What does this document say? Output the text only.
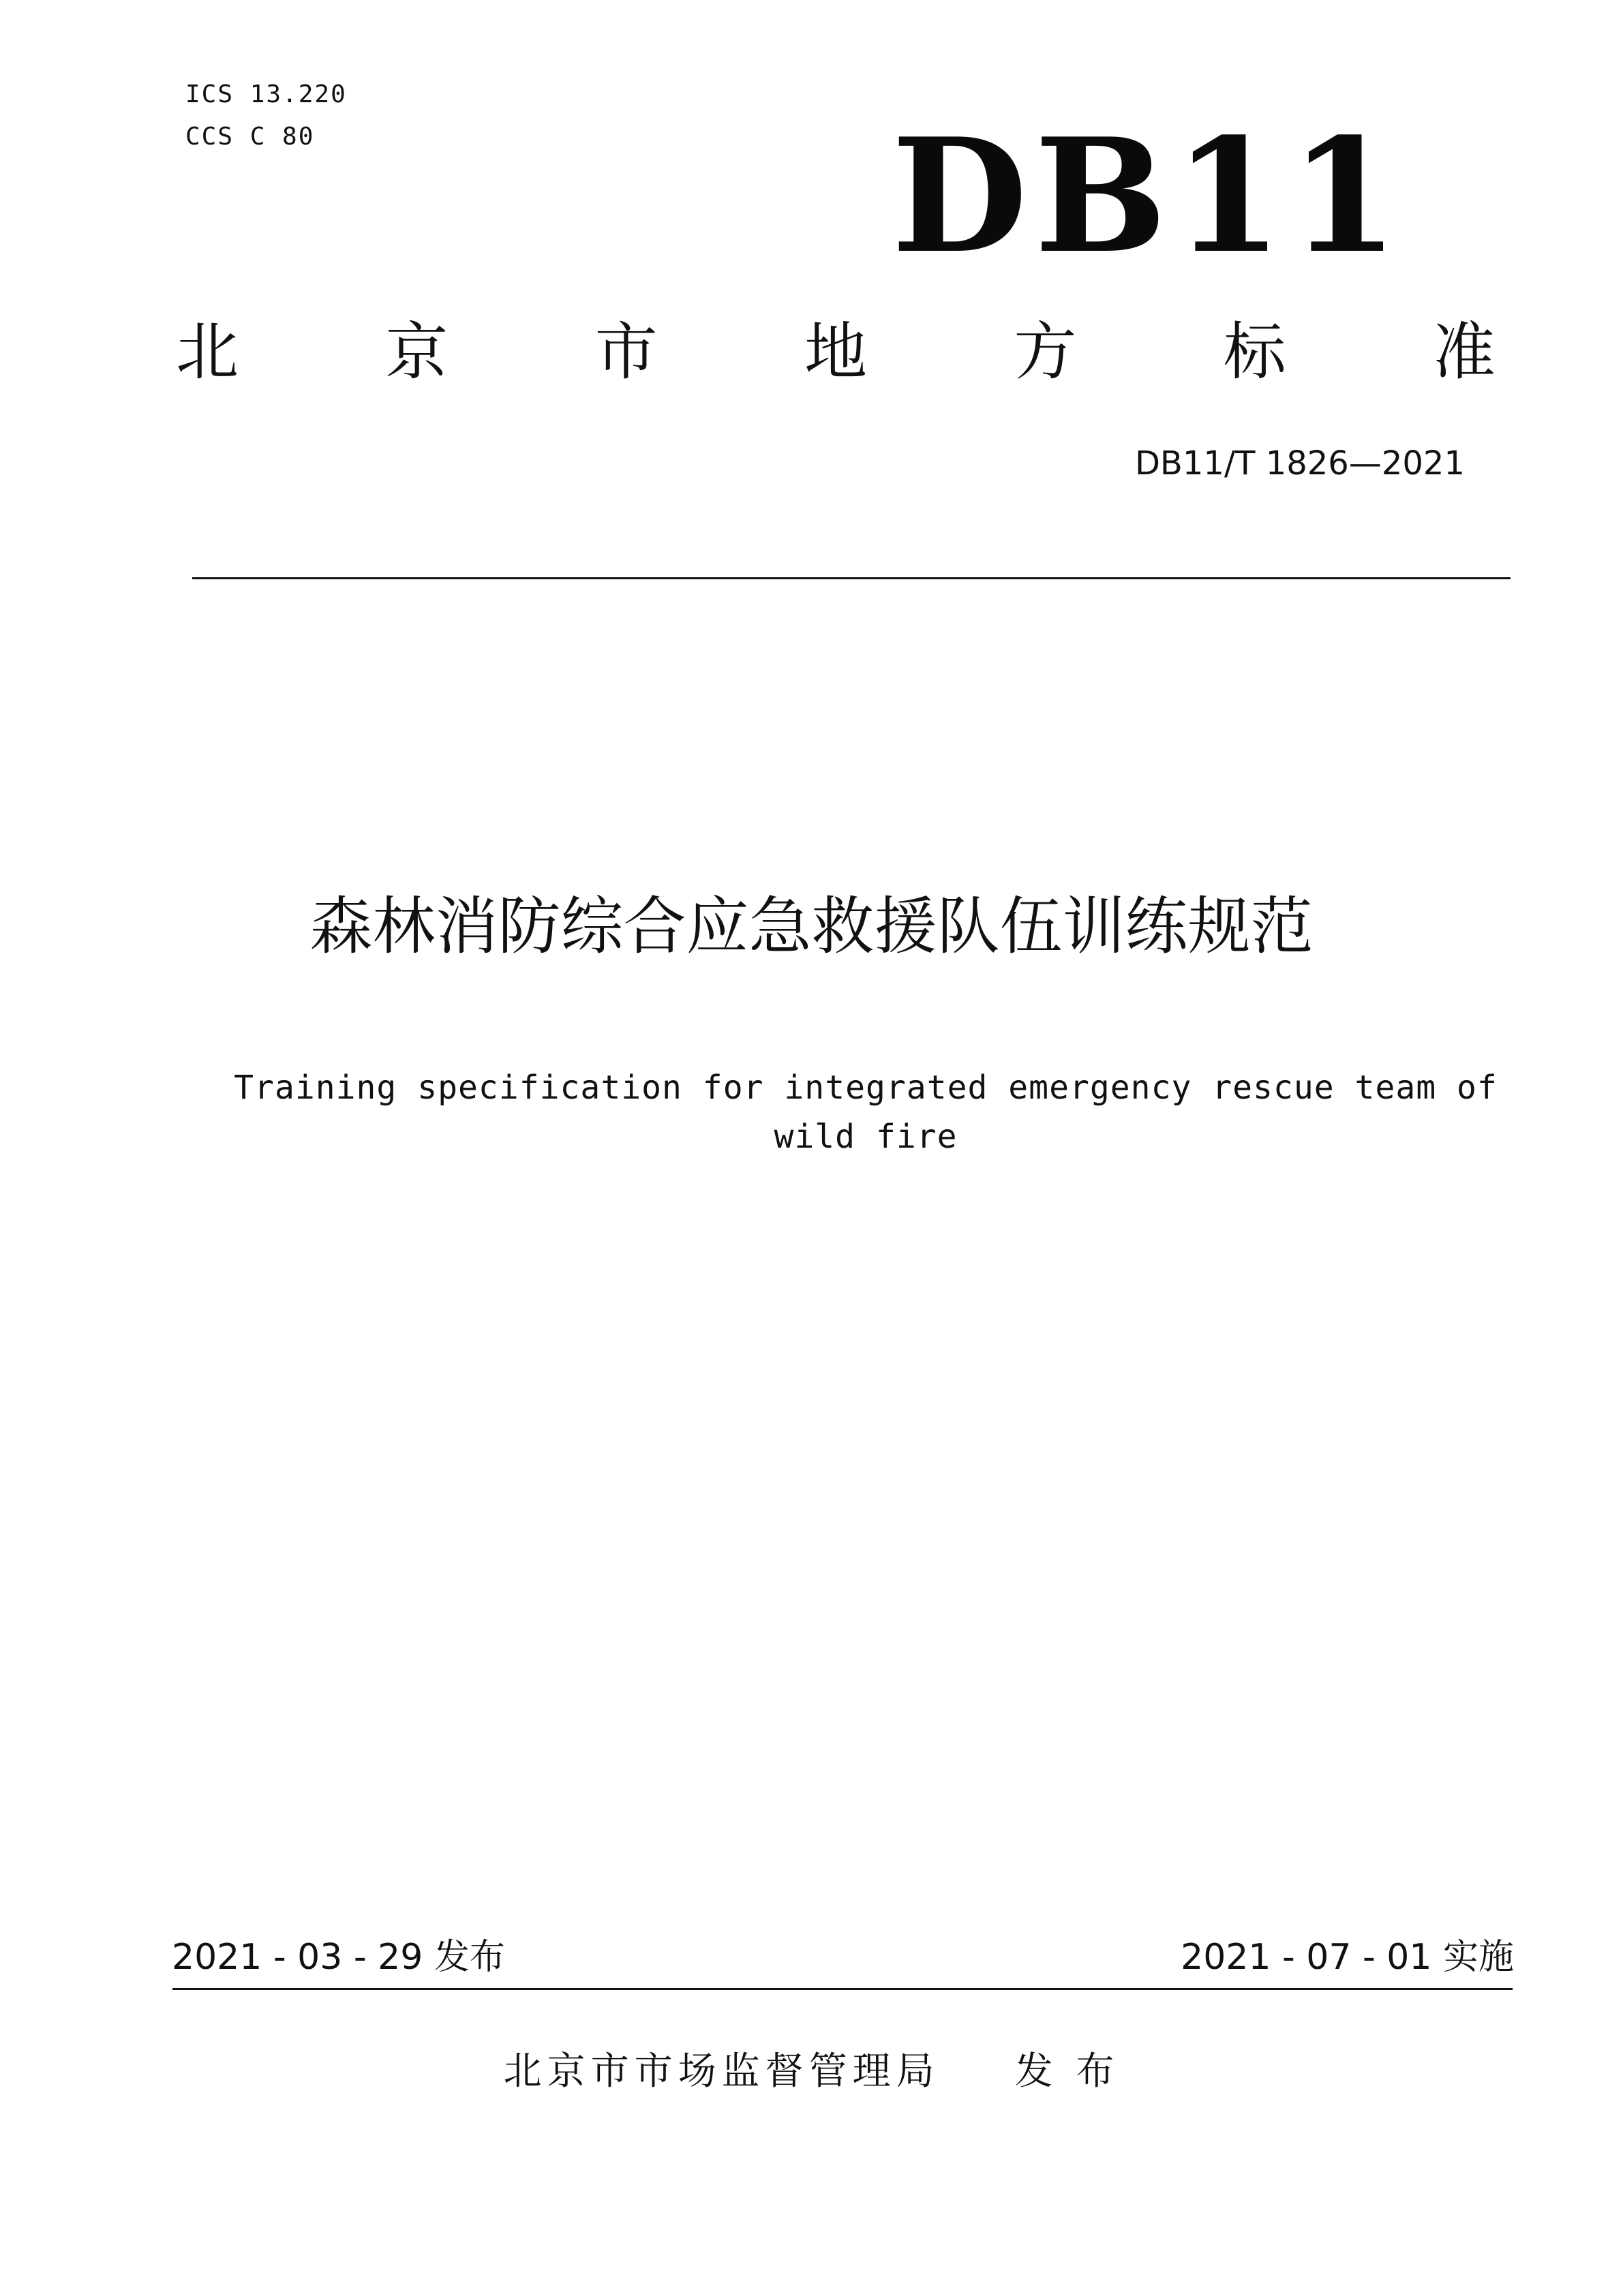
ICS 13.220
CCS C 80	DB11
北 京 市 地 方 标 准
DB11/T 1826—2021
森林消防综合应急救援队伍训练规范
Training specification for integrated emergency rescue team of wild fire
2021 - 03 - 29 发布	2021 - 07 - 01 实施
北京市市场监督管理局 发 布
